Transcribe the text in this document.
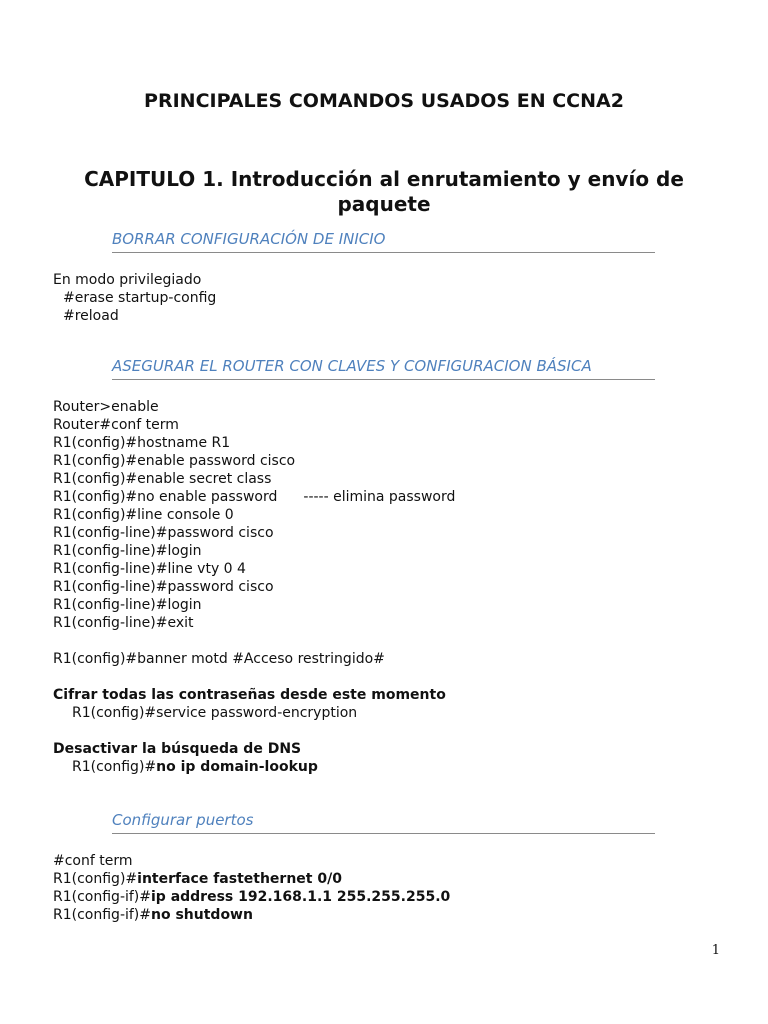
PRINCIPALES COMANDOS USADOS EN CCNA2
CAPITULO 1. Introducción al enrutamiento y envío de paquete
BORRAR CONFIGURACIÓN DE INICIO
En modo privilegiado
#erase startup-config
#reload
ASEGURAR EL ROUTER CON CLAVES Y CONFIGURACION BÁSICA
Router>enable
Router#conf term
R1(config)#hostname R1
R1(config)#enable password cisco
R1(config)#enable secret class
R1(config)#no enable password ----- elimina password
R1(config)#line console 0
R1(config-line)#password cisco
R1(config-line)#login
R1(config-line)#line vty 0 4
R1(config-line)#password cisco
R1(config-line)#login
R1(config-line)#exit
R1(config)#banner motd #Acceso restringido#
Cifrar todas las contraseñas desde este momento
R1(config)#service password-encryption
Desactivar la búsqueda de DNS
R1(config)#no ip domain-lookup
Configurar puertos
#conf term
R1(config)#interface fastethernet 0/0
R1(config-if)#ip address 192.168.1.1 255.255.255.0
R1(config-if)#no shutdown
1
